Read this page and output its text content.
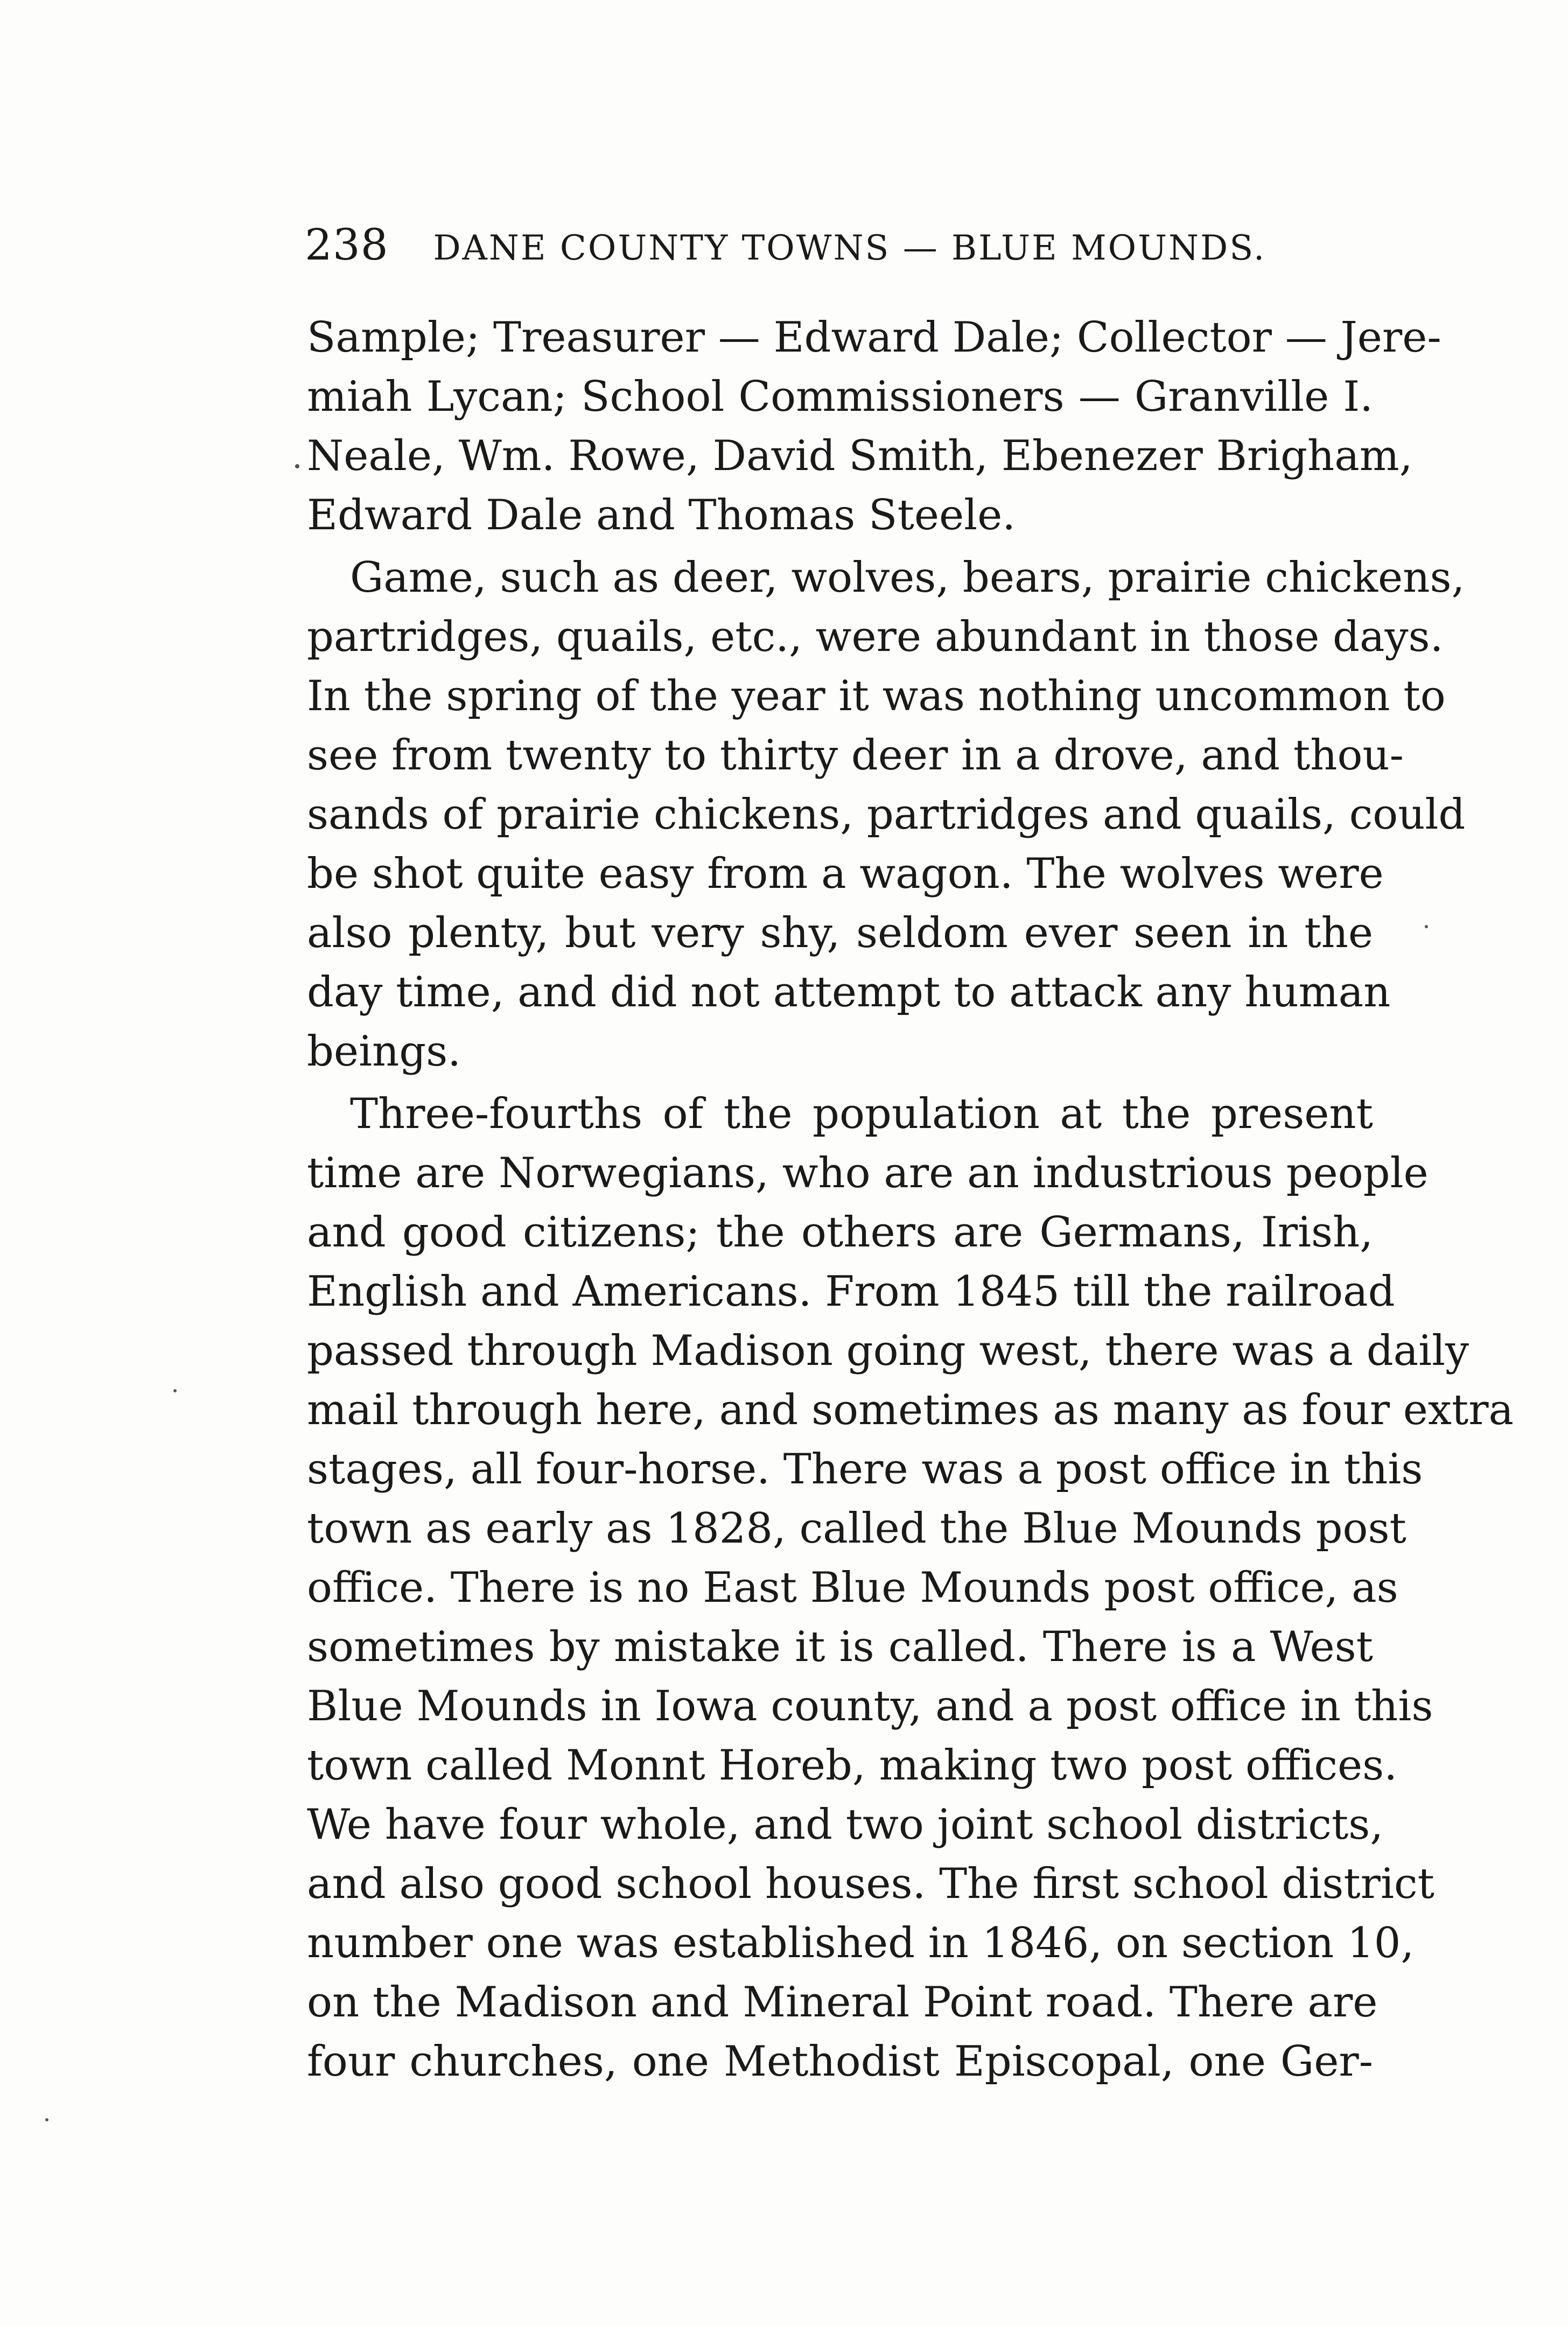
238 DANE COUNTY TOWNS — BLUE MOUNDS.
Sample; Treasurer — Edward Dale; Collector — Jere-
miah Lycan; School Commissioners — Granville I.
Neale, Wm. Rowe, David Smith, Ebenezer Brigham,
Edward Dale and Thomas Steele.
Game, such as deer, wolves, bears, prairie chickens,
partridges, quails, etc., were abundant in those days.
In the spring of the year it was nothing uncommon to
see from twenty to thirty deer in a drove, and thou-
sands of prairie chickens, partridges and quails, could
be shot quite easy from a wagon. The wolves were
also plenty, but very shy, seldom ever seen in the
day time, and did not attempt to attack any human
beings.
Three-fourths of the population at the present
time are Norwegians, who are an industrious people
and good citizens; the others are Germans, Irish,
English and Americans. From 1845 till the railroad
passed through Madison going west, there was a daily
mail through here, and sometimes as many as four extra
stages, all four-horse. There was a post office in this
town as early as 1828, called the Blue Mounds post
office. There is no East Blue Mounds post office, as
sometimes by mistake it is called. There is a West
Blue Mounds in Iowa county, and a post office in this
town called Monnt Horeb, making two post offices.
We have four whole, and two joint school districts,
and also good school houses. The first school district
number one was established in 1846, on section 10,
on the Madison and Mineral Point road. There are
four churches, one Methodist Episcopal, one Ger-
